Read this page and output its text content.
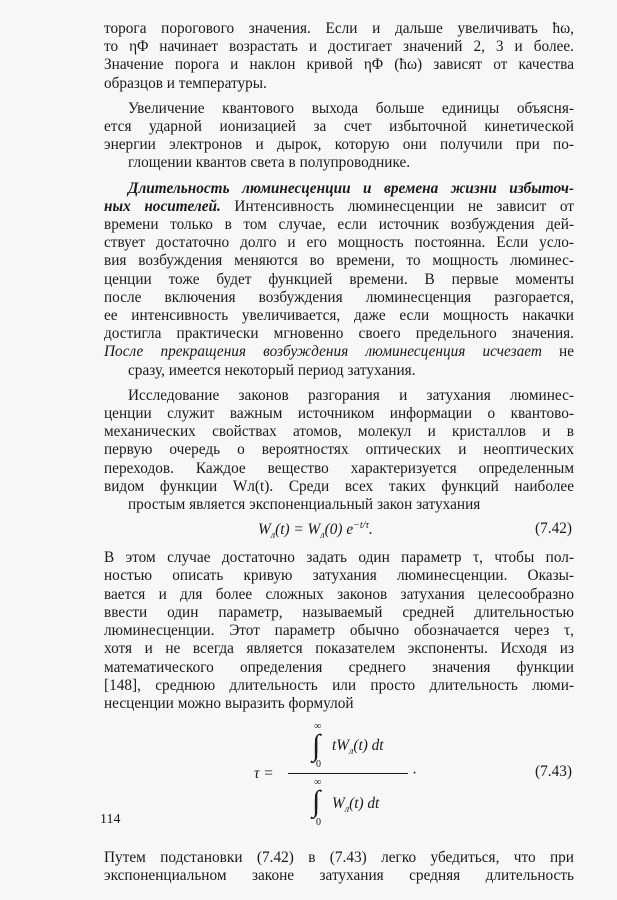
торога порогового значения. Если и дальше увеличивать ħω,
то ηΦ начинает возрастать и достигает значений 2, 3 и более.
Значение порога и наклон кривой ηΦ (ħω) зависят от качества
образцов и температуры.

Увеличение квантового выхода больше единицы объясня-
ется ударной ионизацией за счет избыточной кинетической
энергии электронов и дырок, которую они получили при по-
глощении квантов света в полупроводнике.

Длительность люминесценции и времена жизни избыточ-
ных носителей. Интенсивность люминесценции не зависит от
времени только в том случае, если источник возбуждения дей-
ствует достаточно долго и его мощность постоянна. Если усло-
вия возбуждения меняются во времени, то мощность люминес-
ценции тоже будет функцией времени. В первые моменты
после включения возбуждения люминесценция разгорается,
ее интенсивность увеличивается, даже если мощность накачки
достигла практически мгновенно своего предельного значения.
После прекращения возбуждения люминесценция исчезает не
сразу, имеется некоторый период затухания.

Исследование законов разгорания и затухания люминес-
ценции служит важным источником информации о квантово-
механических свойствах атомов, молекул и кристаллов и в
первую очередь о вероятностях оптических и неоптических
переходов. Каждое вещество характеризуется определенным
видом функции Wл(t). Среди всех таких функций наиболее
простым является экспоненциальный закон затухания

$W_л(t) = W_л(0)$ $e^{-t/\tau}$.	(7.42)

В этом случае достаточно задать один параметр τ, чтобы пол-
ностью описать кривую затухания люминесценции. Оказы-
вается и для более сложных законов затухания целесообразно
ввести один параметр, называемый средней длительностью
люминесценции. Этот параметр обычно обозначается через τ,
хотя и не всегда является показателем экспоненты. Исходя из
математического определения среднего значения функции
[148], среднюю длительность или просто длительность люми-
несценции можно выразить формулой

τ =
∞
∫
0
$tW_л(t)$ dt
∞
∫
0
$W_л(t)$ dt
·	(7.43)

Путем подстановки (7.42) в (7.43) легко убедиться, что при
экспоненциальном законе затухания средняя длительность

114
